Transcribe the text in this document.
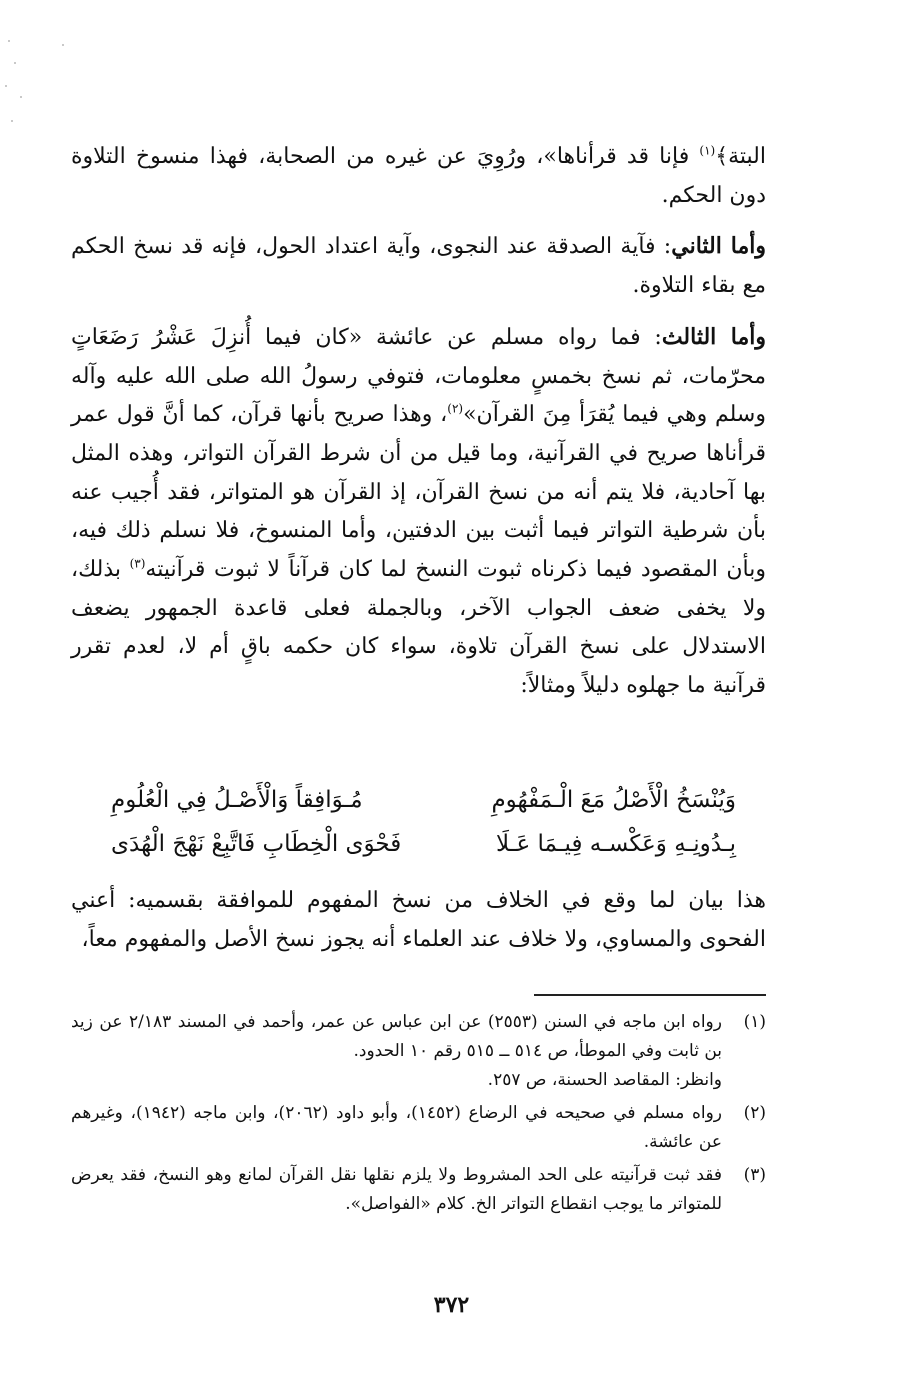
البتة﴾$^{(١)}$ فإنا قد قرأناها»، ورُوِيَ عن غيره من الصحابة، فهذا منسوخ التلاوة دون الحكم.

وأما الثاني: فآية الصدقة عند النجوى، وآية اعتداد الحول، فإنه قد نسخ الحكم مع بقاء التلاوة.

وأما الثالث: فما رواه مسلم عن عائشة «كان فيما أُنزِلَ عَشْرُ رَضَعَاتٍ محرّمات، ثم نسخ بخمسٍ معلومات، فتوفي رسولُ الله صلى الله عليه وآله وسلم وهي فيما يُقرَأ مِنَ القرآن»$^{(٢)}$، وهذا صريح بأنها قرآن، كما أنَّ قول عمر قرأناها صريح في القرآنية، وما قيل من أن شرط القرآن التواتر، وهذه المثل بها آحادية، فلا يتم أنه من نسخ القرآن، إذ القرآن هو المتواتر، فقد أُجيب عنه بأن شرطية التواتر فيما أثبت بين الدفتين، وأما المنسوخ، فلا نسلم ذلك فيه، وبأن المقصود فيما ذكرناه ثبوت النسخ لما كان قرآناً لا ثبوت قرآنيته$^{(٣)}$ بذلك، ولا يخفى ضعف الجواب الآخر، وبالجملة فعلى قاعدة الجمهور يضعف الاستدلال على نسخ القرآن تلاوة، سواء كان حكمه باقٍ أم لا، لعدم تقرر قرآنية ما جهلوه دليلاً ومثالاً:

وَيُنْسَخُ الْأَصْلُ مَعَ الْـمَفْهُومِ
مُـوَافِقاً وَالْأَصْـلُ فِي الْعُلُومِ
بِـدُونِـهِ وَعَكْسـه فِيـمَا عَـلَا
فَحْوَى الْخِطَابِ فَاتَّبِعْ نَهْجَ الْهُدَى

هذا بيان لما وقع في الخلاف من نسخ المفهوم للموافقة بقسميه: أعني الفحوى والمساوي، ولا خلاف عند العلماء أنه يجوز نسخ الأصل والمفهوم معاً،

(١)
رواه ابن ماجه في السنن (٢٥٥٣) عن ابن عباس عن عمر، وأحمد في المسند ٢/١٨٣ عن زيد بن ثابت وفي الموطأ، ص ٥١٤ ــ ٥١٥ رقم ١٠ الحدود.
وانظر: المقاصد الحسنة، ص ٢٥٧.
(٢)
رواه مسلم في صحيحه في الرضاع (١٤٥٢)، وأبو داود (٢٠٦٢)، وابن ماجه (١٩٤٢)، وغيرهم عن عائشة.
(٣)
فقد ثبت قرآنيته على الحد المشروط ولا يلزم نقلها نقل القرآن لمانع وهو النسخ، فقد يعرض للمتواتر ما يوجب انقطاع التواتر الخ. كلام «الفواصل».
٣٧٢
